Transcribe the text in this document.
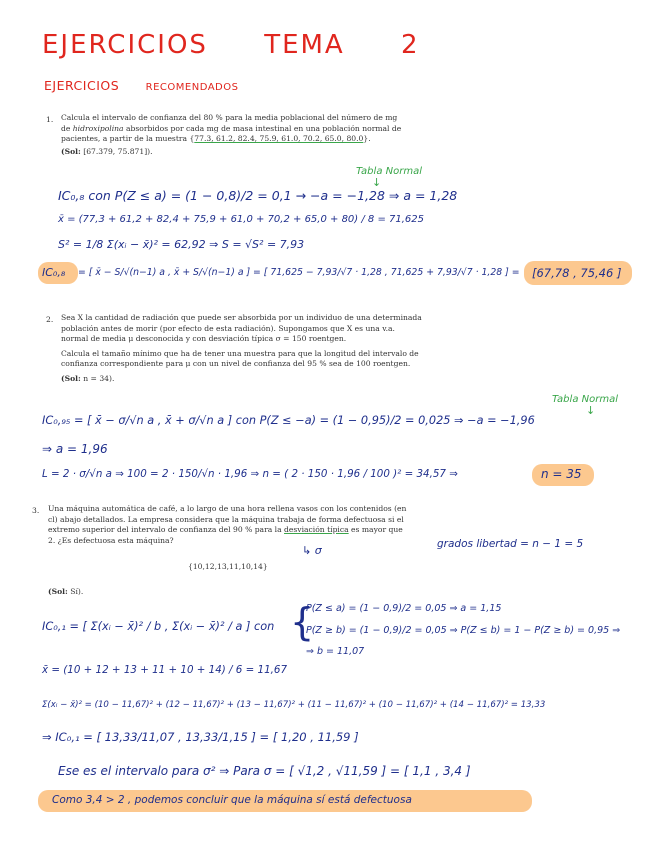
EJERCICIOS TEMA 2
EJERCICIOS	RECOMENDADOS
1. Calcula el intervalo de confianza del 80 % para la media poblacional del número de mg
de hidroxipolina absorbidos por cada mg de masa intestinal en una población normal de
pacientes, a partir de la muestra {77.3, 61.2, 82.4, 75.9, 61.0, 70.2, 65.0, 80.0}.
(Sol: [67.379, 75.871]).
Tabla Normal
↓
IC₀,₈ con P(Z ≤ a) = (1 − 0,8)/2 = 0,1 → −a = −1,28 ⇒ a = 1,28
x̄ = (77,3 + 61,2 + 82,4 + 75,9 + 61,0 + 70,2 + 65,0 + 80) / 8 = 71,625
S² = 1/8 Σ(xᵢ − x̄)² = 62,92 ⇒ S = √S² = 7,93
IC₀,₈ = [ x̄ − S/√(n−1) a , x̄ + S/√(n−1) a ] = [ 71,625 − 7,93/√7 · 1,28 , 71,625 + 7,93/√7 · 1,28 ] = [67,78 , 75,46 ]
2. Sea X la cantidad de radiación que puede ser absorbida por un individuo de una determinada
población antes de morir (por efecto de esta radiación). Supongamos que X es una v.a.
normal de media μ desconocida y con desviación típica σ = 150 roentgen.
Calcula el tamaño mínimo que ha de tener una muestra para que la longitud del intervalo de
confianza correspondiente para μ con un nivel de confianza del 95 % sea de 100 roentgen.
(Sol: n = 34).
Tabla Normal
↓
IC₀,₉₅ = [ x̄ − σ/√n a , x̄ + σ/√n a ] con P(Z ≤ −a) = (1 − 0,95)/2 = 0,025 ⇒ −a = −1,96
⇒ a = 1,96
L = 2 · σ/√n a ⇒ 100 = 2 · 150/√n · 1,96 ⇒ n = ( 2 · 150 · 1,96 / 100 )² = 34,57 ⇒	n = 35
3. Una máquina automática de café, a lo largo de una hora rellena vasos con los contenidos (en
cl) abajo detallados. La empresa considera que la máquina trabaja de forma defectuosa si el
extremo superior del intervalo de confianza del 90 % para la desviación típica es mayor que
2. ¿Es defectuosa esta máquina?
↳ σ	grados libertad = n − 1 = 5
{10,12,13,11,10,14}
(Sol: Sí).
IC₀,₁ = [ Σ(xᵢ − x̄)² / b , Σ(xᵢ − x̄)² / a ] con {
P(Z ≤ a) = (1 − 0,9)/2 = 0,05 ⇒ a = 1,15
P(Z ≥ b) = (1 − 0,9)/2 = 0,05 ⇒ P(Z ≤ b) = 1 − P(Z ≥ b) = 0,95 ⇒
⇒ b = 11,07
x̄ = (10 + 12 + 13 + 11 + 10 + 14) / 6 = 11,67
Σ(xᵢ − x̄)² = (10 − 11,67)² + (12 − 11,67)² + (13 − 11,67)² + (11 − 11,67)² + (10 − 11,67)² + (14 − 11,67)² = 13,33
⇒ IC₀,₁ = [ 13,33/11,07 , 13,33/1,15 ] = [ 1,20 , 11,59 ]
Ese es el intervalo para σ² ⇒ Para σ = [ √1,2 , √11,59 ] = [ 1,1 , 3,4 ]
Como 3,4 > 2 , podemos concluir que la máquina sí está defectuosa
